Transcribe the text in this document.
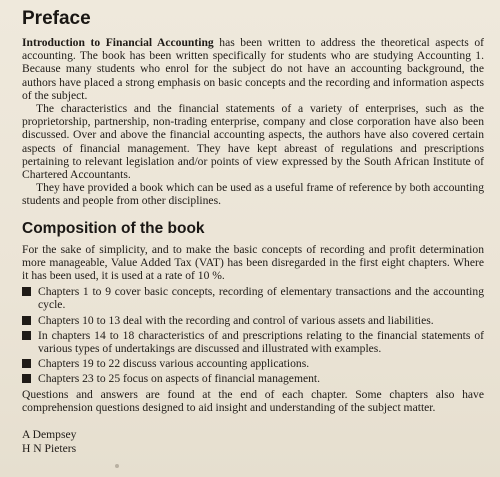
Preface

Introduction to Financial Accounting has been written to address the theoretical aspects of accounting. The book has been written specifically for students who are studying Accounting 1. Because many students who enrol for the subject do not have an accounting background, the authors have placed a strong emphasis on basic concepts and the recording and information aspects of the subject.

The characteristics and the financial statements of a variety of enterprises, such as the proprietorship, partnership, non-trading enterprise, company and close corporation have also been discussed. Over and above the financial accounting aspects, the authors have also covered certain aspects of financial management. They have kept abreast of regulations and prescriptions pertaining to relevant legislation and/or points of view expressed by the South African Institute of Chartered Accountants.

They have provided a book which can be used as a useful frame of reference by both accounting students and people from other disciplines.

Composition of the book

For the sake of simplicity, and to make the basic concepts of recording and profit determination more manageable, Value Added Tax (VAT) has been disregarded in the first eight chapters. Where it has been used, it is used at a rate of 10 %.

Chapters 1 to 9 cover basic concepts, recording of elementary transactions and the accounting cycle.
Chapters 10 to 13 deal with the recording and control of various assets and liabilities.
In chapters 14 to 18 characteristics of and prescriptions relating to the financial statements of various types of undertakings are discussed and illustrated with examples.
Chapters 19 to 22 discuss various accounting applications.
Chapters 23 to 25 focus on aspects of financial management.

Questions and answers are found at the end of each chapter. Some chapters also have comprehension questions designed to aid insight and understanding of the subject matter.

A Dempsey
H N Pieters
